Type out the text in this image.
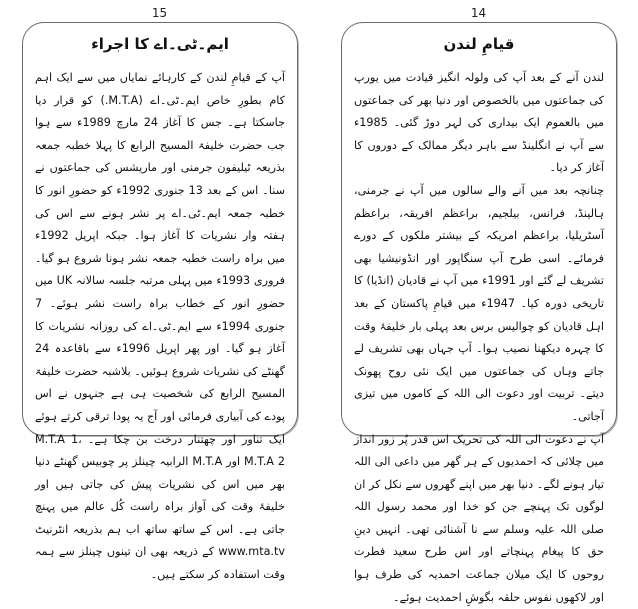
15
ایم۔ٹی۔اے کا اجراء

آپ کے قیامِ لندن کے کارہائے نمایاں میں سے ایک اہم کام بطورِ خاص ایم۔ٹی۔اے (M.T.A.) کو قرار دیا جاسکتا ہے۔ جس کا آغاز 24 مارچ 1989ء سے ہوا جب حضرت خلیفۃ المسیح الرابع کا پہلا خطبہ جمعہ بذریعہ ٹیلیفون جرمنی اور ماریشس کی جماعتوں نے سنا۔ اس کے بعد 13 جنوری 1992ء کو حضورِ انور کا خطبہ جمعہ ایم۔ٹی۔اے پر نشر ہونے سے اس کی ہفتہ وار نشریات کا آغاز ہوا۔ جبکہ اپریل 1992ء میں براہ راست خطبہ جمعہ نشر ہونا شروع ہو گیا۔ فروری 1993ء میں پہلی مرتبہ جلسہ سالانہ UK میں حضورِ انور کے خطاب براہ راست نشر ہوئے۔ 7 جنوری 1994ء سے ایم۔ٹی۔اے کی روزانہ نشریات کا آغاز ہو گیا۔ اور پھر اپریل 1996ء سے باقاعدہ 24 گھنٹے کی نشریات شروع ہوئیں۔ بلاشبہ حضرت خلیفۃ المسیح الرابع کی شخصیت ہی ہے جنہوں نے اس پودے کی آبیاری فرمائی اور آج یہ پودا ترقی کرتے ہوئے ایک تناور اور چھتنار درخت بن چکا ہے۔ M.T.A 1، M.T.A 2 اور M.T.A الرابیہ چینلز پر چوبیس گھنٹے دنیا بھر میں اس کی نشریات پیش کی جاتی ہیں اور خلیفۂ وقت کی آواز براہ راست کُل عالم میں پہنچ جاتی ہے۔ اس کے ساتھ ساتھ اب ہم بذریعہ انٹرنیٹ www.mta.tv کے ذریعہ بھی ان تینوں چینلز سے ہمہ وقت استفادہ کر سکتے ہیں۔

14
قیامِ لندن

لندن آنے کے بعد آپ کی ولولہ انگیز قیادت میں یورپ کی جماعتوں میں بالخصوص اور دنیا بھر کی جماعتوں میں بالعموم ایک بیداری کی لہر دوڑ گئی۔ 1985ء سے آپ نے انگلینڈ سے باہر دیگر ممالک کے دوروں کا آغاز کر دیا۔

چنانچہ بعد میں آنے والے سالوں میں آپ نے جرمنی، ہالینڈ، فرانس، بیلجیم، براعظم افریقہ، براعظم آسٹریلیا، براعظم امریکہ کے بیشتر ملکوں کے دورے فرمائے۔ اسی طرح آپ سنگاپور اور انڈونیشیا بھی تشریف لے گئے اور 1991ء میں آپ نے قادیان (انڈیا) کا تاریخی دورہ کیا۔ 1947ء میں قیامِ پاکستان کے بعد اہل قادیان کو چوالیس برس بعد پہلی بار خلیفۂ وقت کا چہرہ دیکھنا نصیب ہوا۔ آپ جہاں بھی تشریف لے جاتے وہاں کی جماعتوں میں ایک نئی روح پھونک دیتے۔ تربیت اور دعوت الی اللہ کے کاموں میں تیزی آجاتی۔

آپ نے دعوت الی اللہ کی تحریک اس قدر پُر زور انداز میں چلائی کہ احمدیوں کے ہر گھر میں داعی الی اللہ تیار ہونے لگے۔ دنیا بھر میں اپنے گھروں سے نکل کر ان لوگوں تک پہنچے جن کو خدا اور محمد رسول اللہ صلی اللہ علیہ وسلم سے نا آشنائی تھی۔ انہیں دینِ حق کا پیغام پہنچاتے اور اس طرح سعید فطرت روحوں کا ایک میلان جماعت احمدیہ کی طرف ہوا اور لاکھوں نفوس حلقہ بگوشِ احمدیت ہوئے۔
